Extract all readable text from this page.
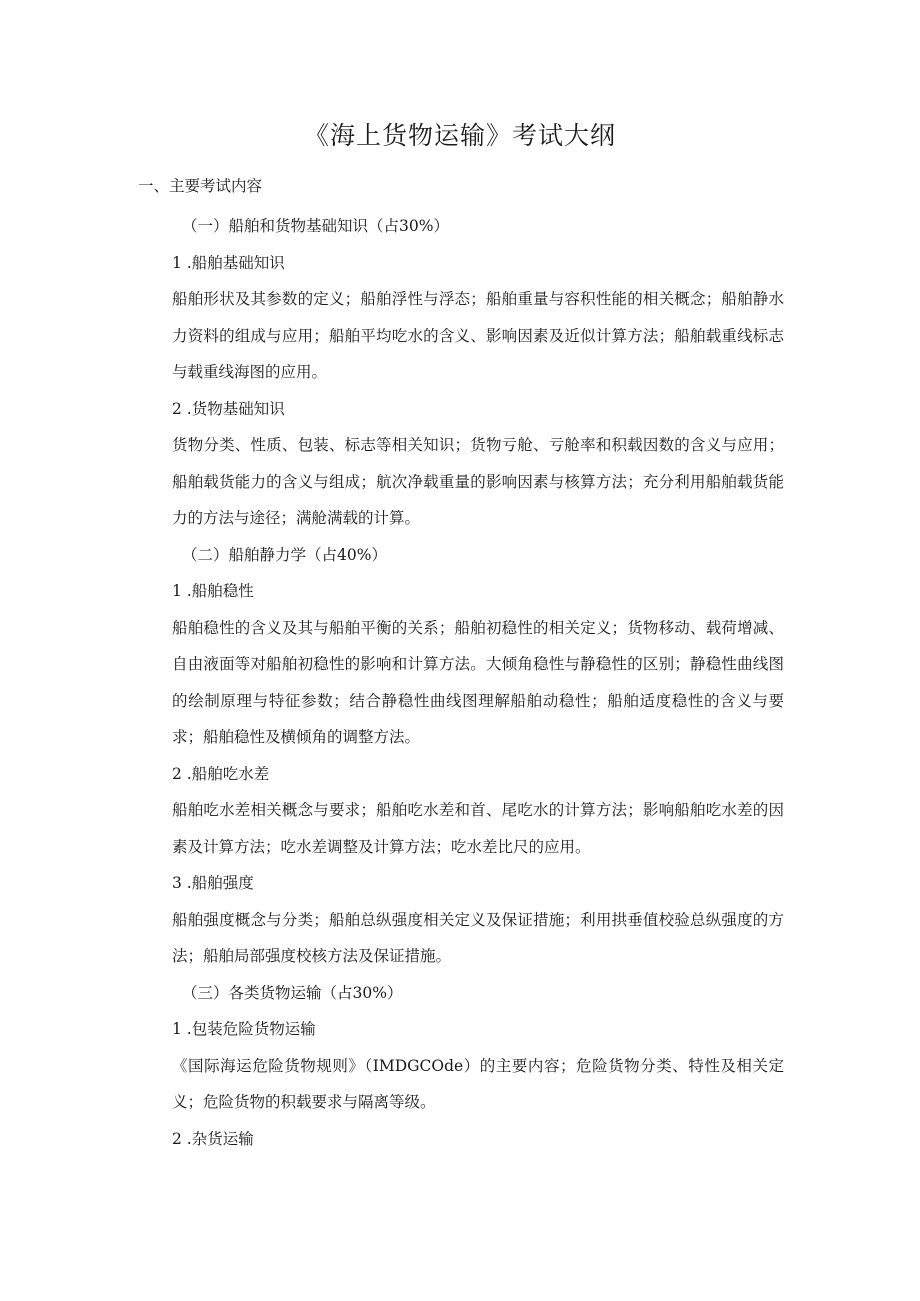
《海上货物运输》考试大纲
一、主要考试内容

（一）船舶和货物基础知识（占30%）

1 .船舶基础知识

船舶形状及其参数的定义；船舶浮性与浮态；船舶重量与容积性能的相关概念；船舶静水力资料的组成与应用；船舶平均吃水的含义、影响因素及近似计算方法；船舶载重线标志与载重线海图的应用。

2 .货物基础知识

货物分类、性质、包装、标志等相关知识；货物亏舱、亏舱率和积载因数的含义与应用；船舶载货能力的含义与组成；航次净载重量的影响因素与核算方法；充分利用船舶载货能力的方法与途径；满舱满载的计算。

（二）船舶静力学（占40%）

1 .船舶稳性

船舶稳性的含义及其与船舶平衡的关系；船舶初稳性的相关定义；货物移动、载荷增减、自由液面等对船舶初稳性的影响和计算方法。大倾角稳性与静稳性的区别；静稳性曲线图的绘制原理与特征参数；结合静稳性曲线图理解船舶动稳性；船舶适度稳性的含义与要求；船舶稳性及横倾角的调整方法。

2 .船舶吃水差

船舶吃水差相关概念与要求；船舶吃水差和首、尾吃水的计算方法；影响船舶吃水差的因素及计算方法；吃水差调整及计算方法；吃水差比尺的应用。

3 .船舶强度

船舶强度概念与分类；船舶总纵强度相关定义及保证措施；利用拱垂值校验总纵强度的方法；船舶局部强度校核方法及保证措施。

（三）各类货物运输（占30%）

1 .包装危险货物运输

《国际海运危险货物规则》（IMDGCOde）的主要内容；危险货物分类、特性及相关定义；危险货物的积载要求与隔离等级。

2 .杂货运输
